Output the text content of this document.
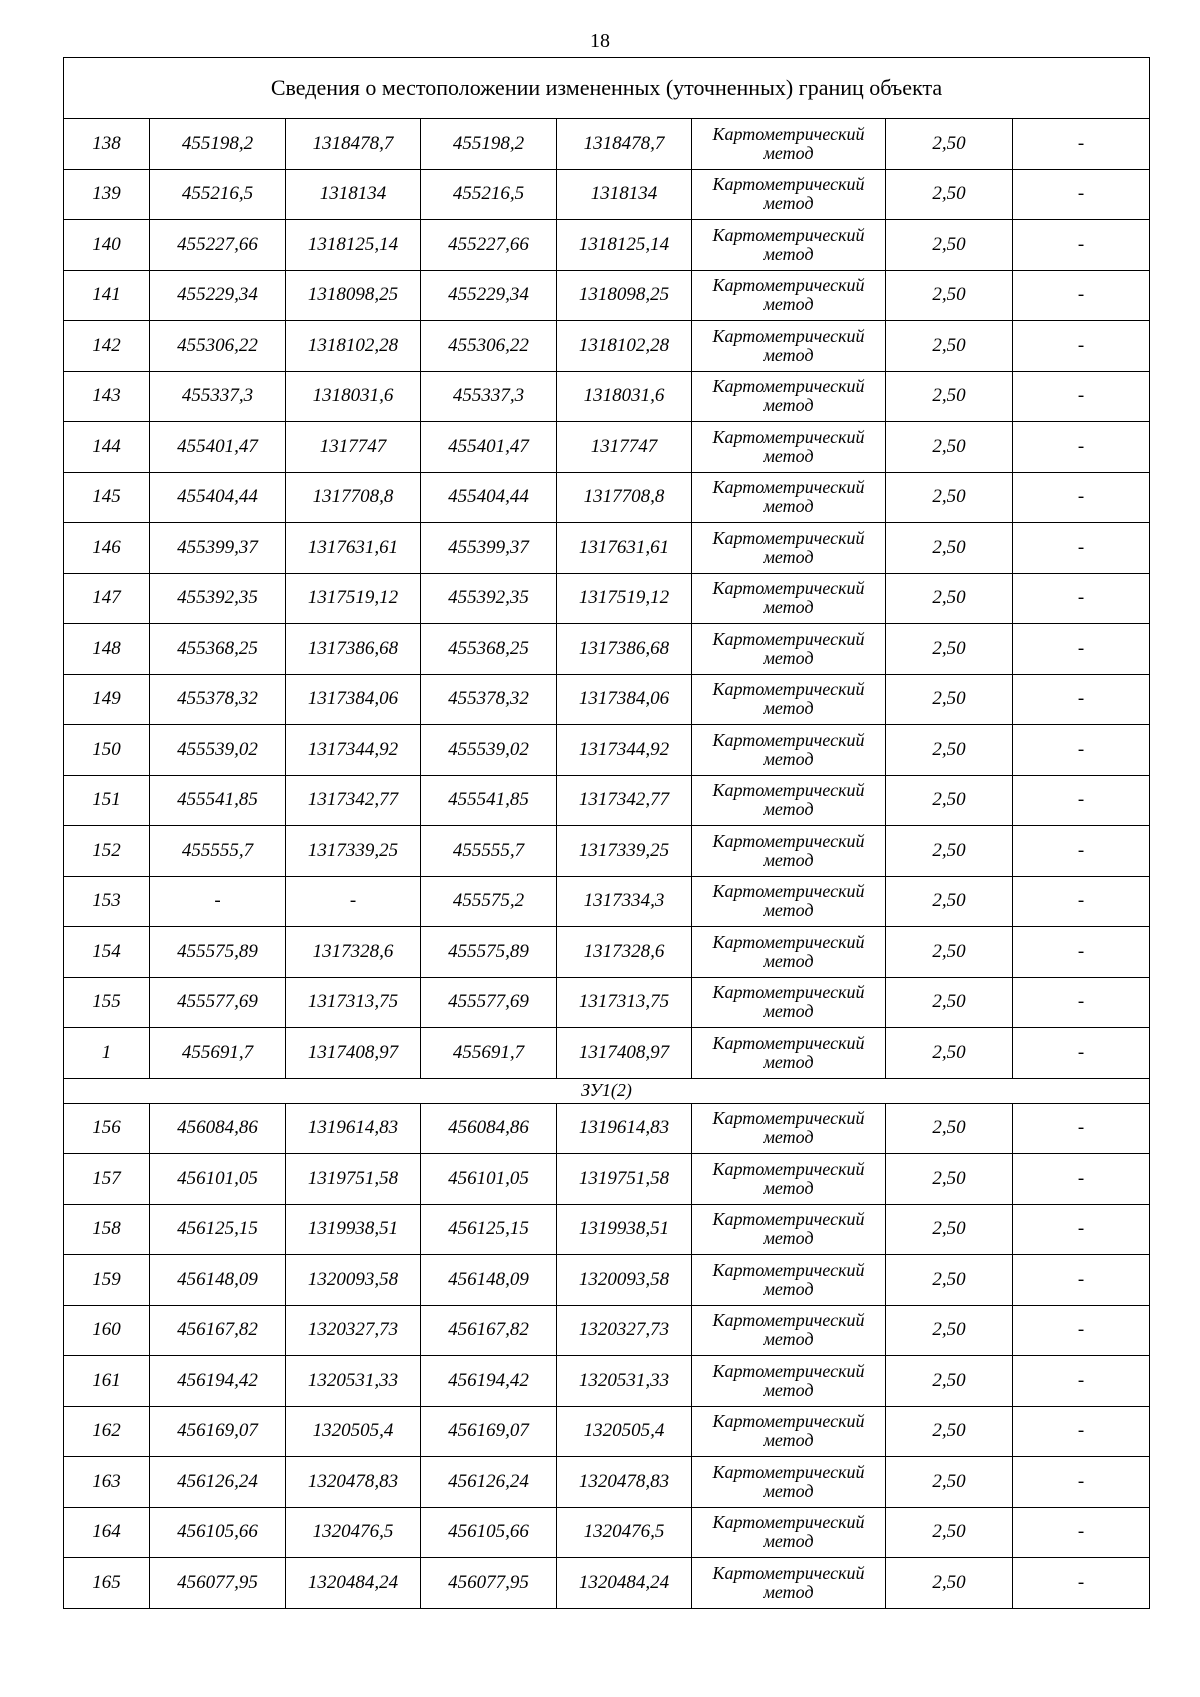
18
Сведения о местоположении измененных (уточненных) границ объекта							
138	455198,2	1318478,7	455198,2	1318478,7	Картометрический метод	2,50	-
139	455216,5	1318134	455216,5	1318134	Картометрический метод	2,50	-
140	455227,66	1318125,14	455227,66	1318125,14	Картометрический метод	2,50	-
141	455229,34	1318098,25	455229,34	1318098,25	Картометрический метод	2,50	-
142	455306,22	1318102,28	455306,22	1318102,28	Картометрический метод	2,50	-
143	455337,3	1318031,6	455337,3	1318031,6	Картометрический метод	2,50	-
144	455401,47	1317747	455401,47	1317747	Картометрический метод	2,50	-
145	455404,44	1317708,8	455404,44	1317708,8	Картометрический метод	2,50	-
146	455399,37	1317631,61	455399,37	1317631,61	Картометрический метод	2,50	-
147	455392,35	1317519,12	455392,35	1317519,12	Картометрический метод	2,50	-
148	455368,25	1317386,68	455368,25	1317386,68	Картометрический метод	2,50	-
149	455378,32	1317384,06	455378,32	1317384,06	Картометрический метод	2,50	-
150	455539,02	1317344,92	455539,02	1317344,92	Картометрический метод	2,50	-
151	455541,85	1317342,77	455541,85	1317342,77	Картометрический метод	2,50	-
152	455555,7	1317339,25	455555,7	1317339,25	Картометрический метод	2,50	-
153	-	-	455575,2	1317334,3	Картометрический метод	2,50	-
154	455575,89	1317328,6	455575,89	1317328,6	Картометрический метод	2,50	-
155	455577,69	1317313,75	455577,69	1317313,75	Картометрический метод	2,50	-
1	455691,7	1317408,97	455691,7	1317408,97	Картометрический метод	2,50	-
ЗУ1(2)							
156	456084,86	1319614,83	456084,86	1319614,83	Картометрический метод	2,50	-
157	456101,05	1319751,58	456101,05	1319751,58	Картометрический метод	2,50	-
158	456125,15	1319938,51	456125,15	1319938,51	Картометрический метод	2,50	-
159	456148,09	1320093,58	456148,09	1320093,58	Картометрический метод	2,50	-
160	456167,82	1320327,73	456167,82	1320327,73	Картометрический метод	2,50	-
161	456194,42	1320531,33	456194,42	1320531,33	Картометрический метод	2,50	-
162	456169,07	1320505,4	456169,07	1320505,4	Картометрический метод	2,50	-
163	456126,24	1320478,83	456126,24	1320478,83	Картометрический метод	2,50	-
164	456105,66	1320476,5	456105,66	1320476,5	Картометрический метод	2,50	-
165	456077,95	1320484,24	456077,95	1320484,24	Картометрический метод	2,50	-
